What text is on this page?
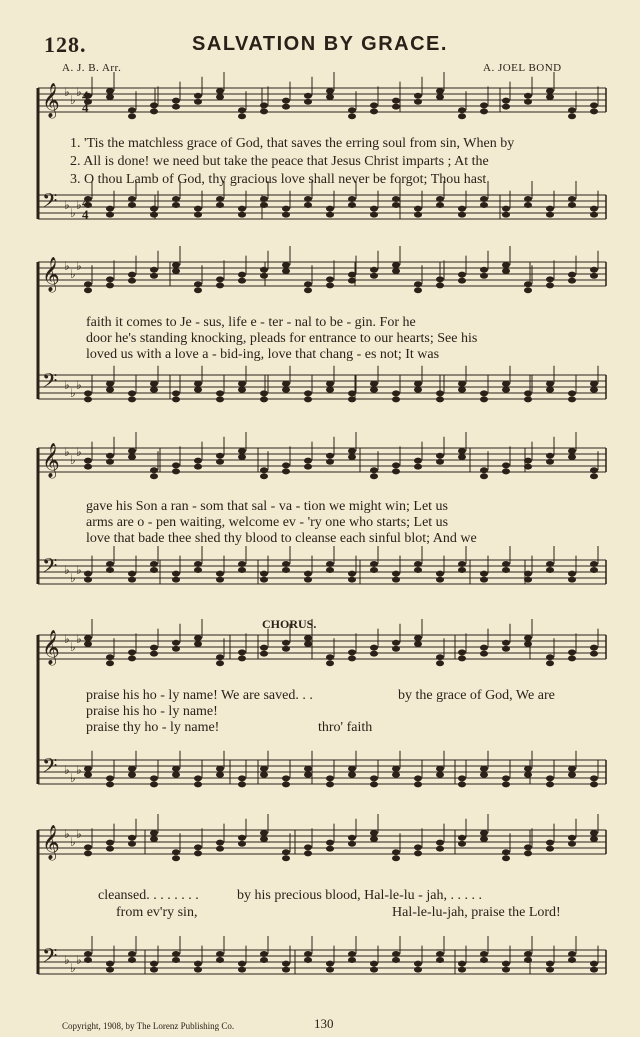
128.	SALVATION BY GRACE.
A. J. B. Arr.	A. JOEL BOND
𝄞
𝄢
♭
♭
♭
♭
♭
♭
4
4
4
4
𝄞
𝄢
♭
♭
♭
♭
♭
♭
𝄞
𝄢
♭
♭
♭
♭
♭
♭
𝄞
𝄢
♭
♭
♭
♭
♭
♭
𝄞
𝄢
♭
♭
♭
♭
♭
♭
1. 'Tis the matchless grace of God, that saves the erring soul from sin, When by
2. All is done! we need but take the peace that Jesus Christ imparts ; At the
3. O thou Lamb of God, thy gracious love shall never be forgot; Thou hast
faith it comes to Je - sus, life e - ter - nal to be - gin. For he
door he's standing knocking, pleads for entrance to our hearts; See his
loved us with a love a - bid-ing, love that chang - es not; It was
gave his Son a ran - som that sal - va - tion we might win; Let us
arms are o - pen waiting, welcome ev - 'ry one who starts; Let us
love that bade thee shed thy blood to cleanse each sinful blot; And we
CHORUS.
praise his ho - ly name! We are saved. . .	by the grace of God, We are
praise his ho - ly name!
praise thy ho - ly name!	thro' faith
cleansed. . . . . . . .	by his precious blood, Hal-le-lu - jah, . . . . .
from ev'ry sin,	Hal-le-lu-jah, praise the Lord!
Copyright, 1908, by The Lorenz Publishing Co.	130
